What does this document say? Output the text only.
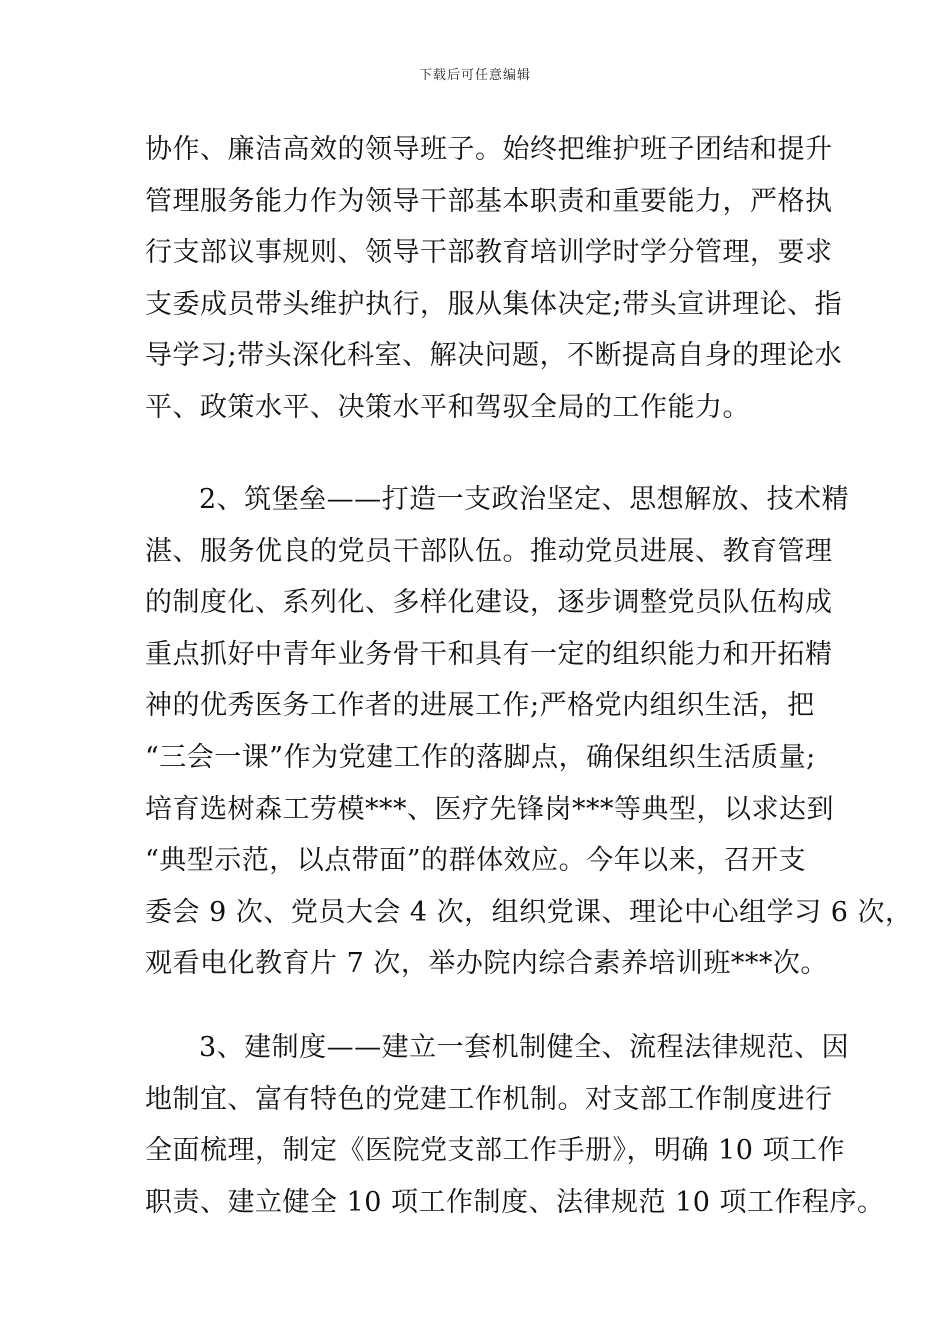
下载后可任意编辑
协作、廉洁高效的领导班子。始终把维护班子团结和提升
管理服务能力作为领导干部基本职责和重要能力，严格执
行支部议事规则、领导干部教育培训学时学分管理，要求
支委成员带头维护执行，服从集体决定;带头宣讲理论、指
导学习;带头深化科室、解决问题，不断提高自身的理论水
平、政策水平、决策水平和驾驭全局的工作能力。
2、筑堡垒——打造一支政治坚定、思想解放、技术精
湛、服务优良的党员干部队伍。推动党员进展、教育管理
的制度化、系列化、多样化建设，逐步调整党员队伍构成
重点抓好中青年业务骨干和具有一定的组织能力和开拓精
神的优秀医务工作者的进展工作;严格党内组织生活，把
“三会一课”作为党建工作的落脚点，确保组织生活质量;
培育选树森工劳模***、医疗先锋岗***等典型，以求达到
“典型示范，以点带面”的群体效应。今年以来，召开支
委会 9 次、党员大会 4 次，组织党课、理论中心组学习 6 次，
观看电化教育片 7 次，举办院内综合素养培训班***次。
3、建制度——建立一套机制健全、流程法律规范、因
地制宜、富有特色的党建工作机制。对支部工作制度进行
全面梳理，制定《医院党支部工作手册》，明确 10 项工作
职责、建立健全 10 项工作制度、法律规范 10 项工作程序。
